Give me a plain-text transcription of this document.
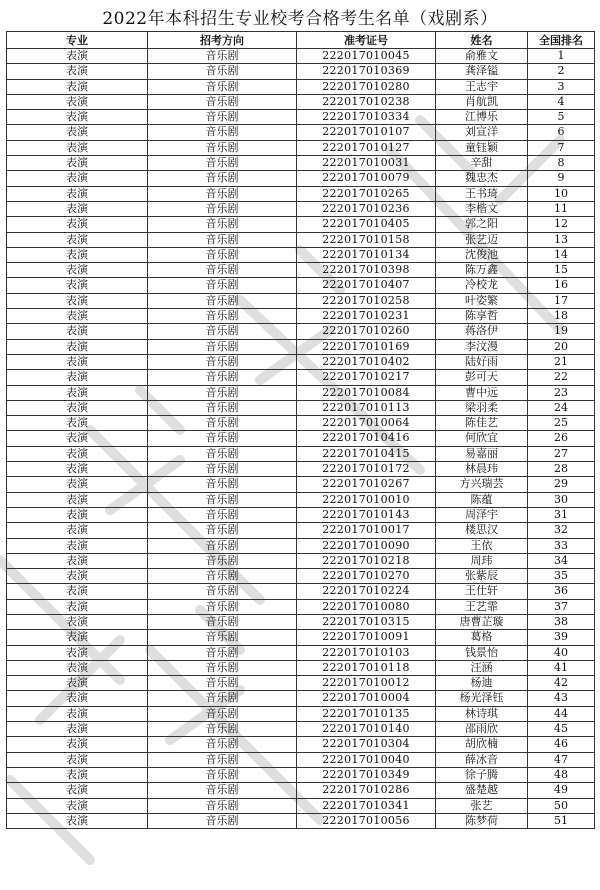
2022年本科招生专业校考合格考生名单（戏剧系）
专业	招考方向	准考证号	姓名	全国排名
表演	音乐剧	222017010045	俞雅文	1
表演	音乐剧	222017010369	龚泽镒	2
表演	音乐剧	222017010280	王志宇	3
表演	音乐剧	222017010238	肖航凯	4
表演	音乐剧	222017010334	江博乐	5
表演	音乐剧	222017010107	刘宣洋	6
表演	音乐剧	222017010127	童钰颖	7
表演	音乐剧	222017010031	辛甜	8
表演	音乐剧	222017010079	魏忠杰	9
表演	音乐剧	222017010265	王书琦	10
表演	音乐剧	222017010236	李楷文	11
表演	音乐剧	222017010405	郭之阳	12
表演	音乐剧	222017010158	张艺迈	13
表演	音乐剧	222017010134	沈俊池	14
表演	音乐剧	222017010398	陈万鑫	15
表演	音乐剧	222017010407	冷校龙	16
表演	音乐剧	222017010258	叶姿繁	17
表演	音乐剧	222017010231	陈享哲	18
表演	音乐剧	222017010260	蒋洛伊	19
表演	音乐剧	222017010169	李汶漫	20
表演	音乐剧	222017010402	陆好雨	21
表演	音乐剧	222017010217	彭可天	22
表演	音乐剧	222017010084	曹中远	23
表演	音乐剧	222017010113	梁羽柔	24
表演	音乐剧	222017010064	陈佳艺	25
表演	音乐剧	222017010416	何欣宜	26
表演	音乐剧	222017010415	易嘉丽	27
表演	音乐剧	222017010172	林晨玮	28
表演	音乐剧	222017010267	方兴瑞芸	29
表演	音乐剧	222017010010	陈蕴	30
表演	音乐剧	222017010143	周泽宇	31
表演	音乐剧	222017010017	楼思汉	32
表演	音乐剧	222017010090	王依	33
表演	音乐剧	222017010218	周玮	34
表演	音乐剧	222017010270	张紫辰	35
表演	音乐剧	222017010224	王仕轩	36
表演	音乐剧	222017010080	王艺霏	37
表演	音乐剧	222017010315	唐曹芷璇	38
表演	音乐剧	222017010091	葛格	39
表演	音乐剧	222017010103	钱景怡	40
表演	音乐剧	222017010118	汪涵	41
表演	音乐剧	222017010012	杨迪	42
表演	音乐剧	222017010004	杨光泽钰	43
表演	音乐剧	222017010135	林诗琪	44
表演	音乐剧	222017010140	邵雨欣	45
表演	音乐剧	222017010304	胡欣楠	46
表演	音乐剧	222017010040	薛冰音	47
表演	音乐剧	222017010349	徐子腾	48
表演	音乐剧	222017010286	盛楚越	49
表演	音乐剧	222017010341	张艺	50
表演	音乐剧	222017010056	陈梦荷	51
